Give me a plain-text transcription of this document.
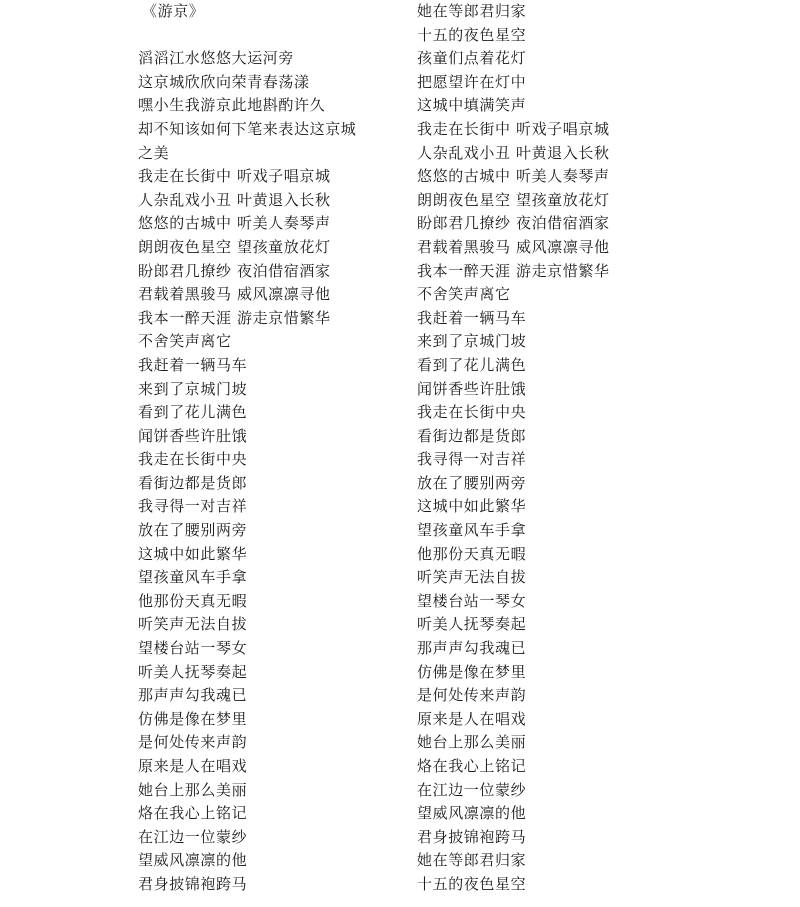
《游京》
滔滔江水悠悠大运河旁
这京城欣欣向荣青春荡漾
嘿小生我游京此地斟酌许久
却不知该如何下笔来表达这京城
之美
我走在长街中 听戏子唱京城
人杂乱戏小丑 叶黄退入长秋
悠悠的古城中 听美人奏琴声
朗朗夜色星空 望孩童放花灯
盼郎君几撩纱 夜泊借宿酒家
君载着黑骏马 威风凛凛寻他
我本一醉天涯 游走京惜繁华
不舍笑声离它
我赶着一辆马车
来到了京城门坡
看到了花儿满色
闻饼香些许肚饿
我走在长街中央
看街边都是货郎
我寻得一对吉祥
放在了腰别两旁
这城中如此繁华
望孩童风车手拿
他那份天真无暇
听笑声无法自拔
望楼台站一琴女
听美人抚琴奏起
那声声勾我魂已
仿佛是像在梦里
是何处传来声韵
原来是人在唱戏
她台上那么美丽
烙在我心上铭记
在江边一位蒙纱
望威风凛凛的他
君身披锦袍跨马
她在等郎君归家
十五的夜色星空
孩童们点着花灯
把愿望许在灯中
这城中填满笑声
我走在长街中 听戏子唱京城
人杂乱戏小丑 叶黄退入长秋
悠悠的古城中 听美人奏琴声
朗朗夜色星空 望孩童放花灯
盼郎君几撩纱 夜泊借宿酒家
君载着黑骏马 威风凛凛寻他
我本一醉天涯 游走京惜繁华
不舍笑声离它
我赶着一辆马车
来到了京城门坡
看到了花儿满色
闻饼香些许肚饿
我走在长街中央
看街边都是货郎
我寻得一对吉祥
放在了腰别两旁
这城中如此繁华
望孩童风车手拿
他那份天真无暇
听笑声无法自拔
望楼台站一琴女
听美人抚琴奏起
那声声勾我魂已
仿佛是像在梦里
是何处传来声韵
原来是人在唱戏
她台上那么美丽
烙在我心上铭记
在江边一位蒙纱
望威风凛凛的他
君身披锦袍跨马
她在等郎君归家
十五的夜色星空
